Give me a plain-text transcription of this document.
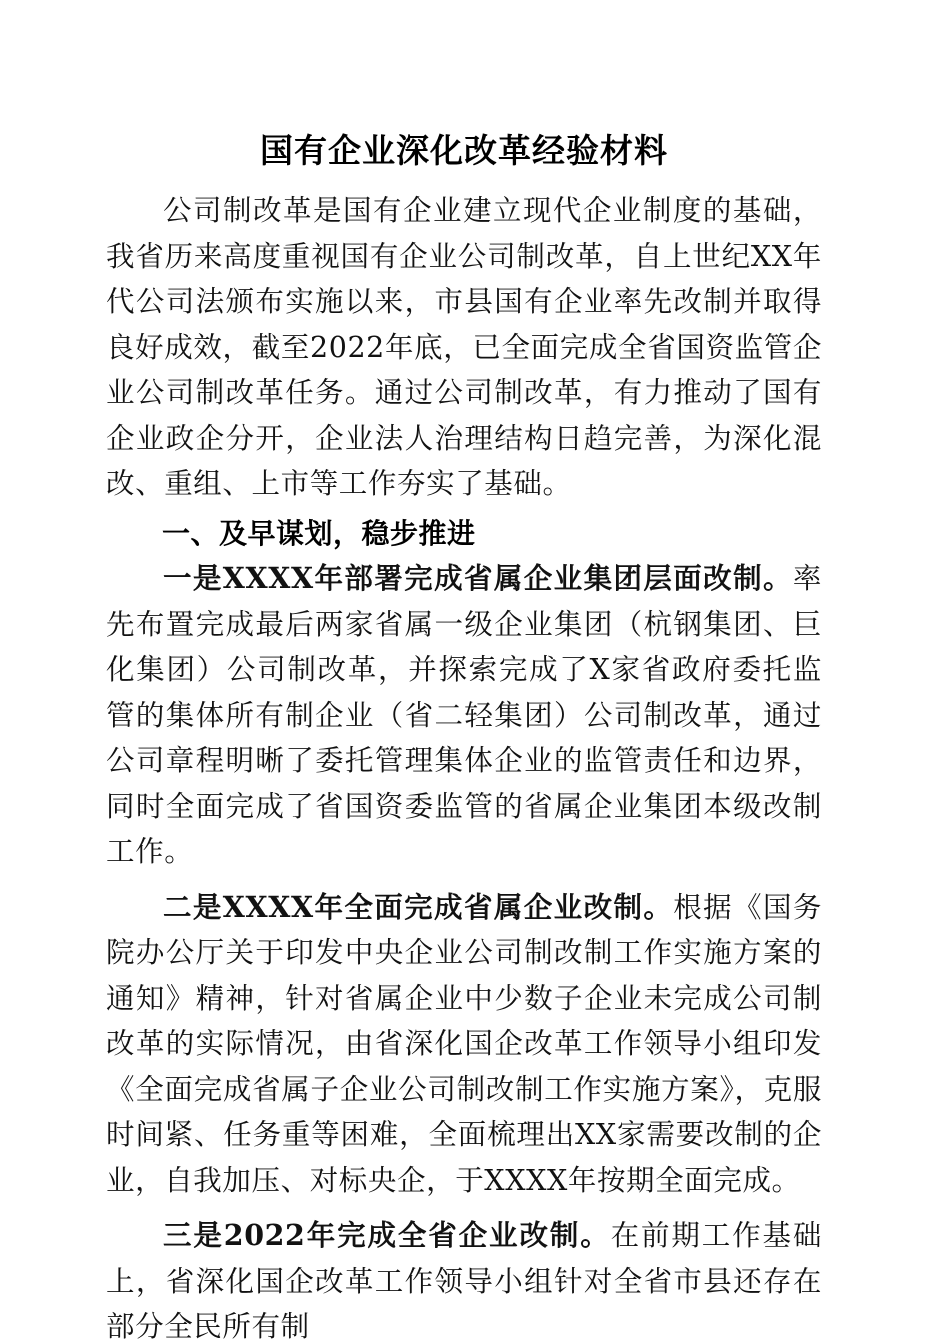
国有企业深化改革经验材料

公司制改革是国有企业建立现代企业制度的基础，我省历来高度重视国有企业公司制改革，自上世纪XX年代公司法颁布实施以来，市县国有企业率先改制并取得良好成效，截至2022年底，已全面完成全省国资监管企业公司制改革任务。通过公司制改革，有力推动了国有企业政企分开，企业法人治理结构日趋完善，为深化混改、重组、上市等工作夯实了基础。

一、及早谋划，稳步推进

一是XXXX年部署完成省属企业集团层面改制。率先布置完成最后两家省属一级企业集团（杭钢集团、巨化集团）公司制改革，并探索完成了X家省政府委托监管的集体所有制企业（省二轻集团）公司制改革，通过公司章程明晰了委托管理集体企业的监管责任和边界，同时全面完成了省国资委监管的省属企业集团本级改制工作。

二是XXXX年全面完成省属企业改制。根据《国务院办公厅关于印发中央企业公司制改制工作实施方案的通知》精神，针对省属企业中少数子企业未完成公司制改革的实际情况，由省深化国企改革工作领导小组印发《全面完成省属子企业公司制改制工作实施方案》，克服时间紧、任务重等困难，全面梳理出XX家需要改制的企业，自我加压、对标央企，于XXXX年按期全面完成。

三是2022年完成全省企业改制。在前期工作基础上，省深化国企改革工作领导小组针对全省市县还存在部分全民所有制
